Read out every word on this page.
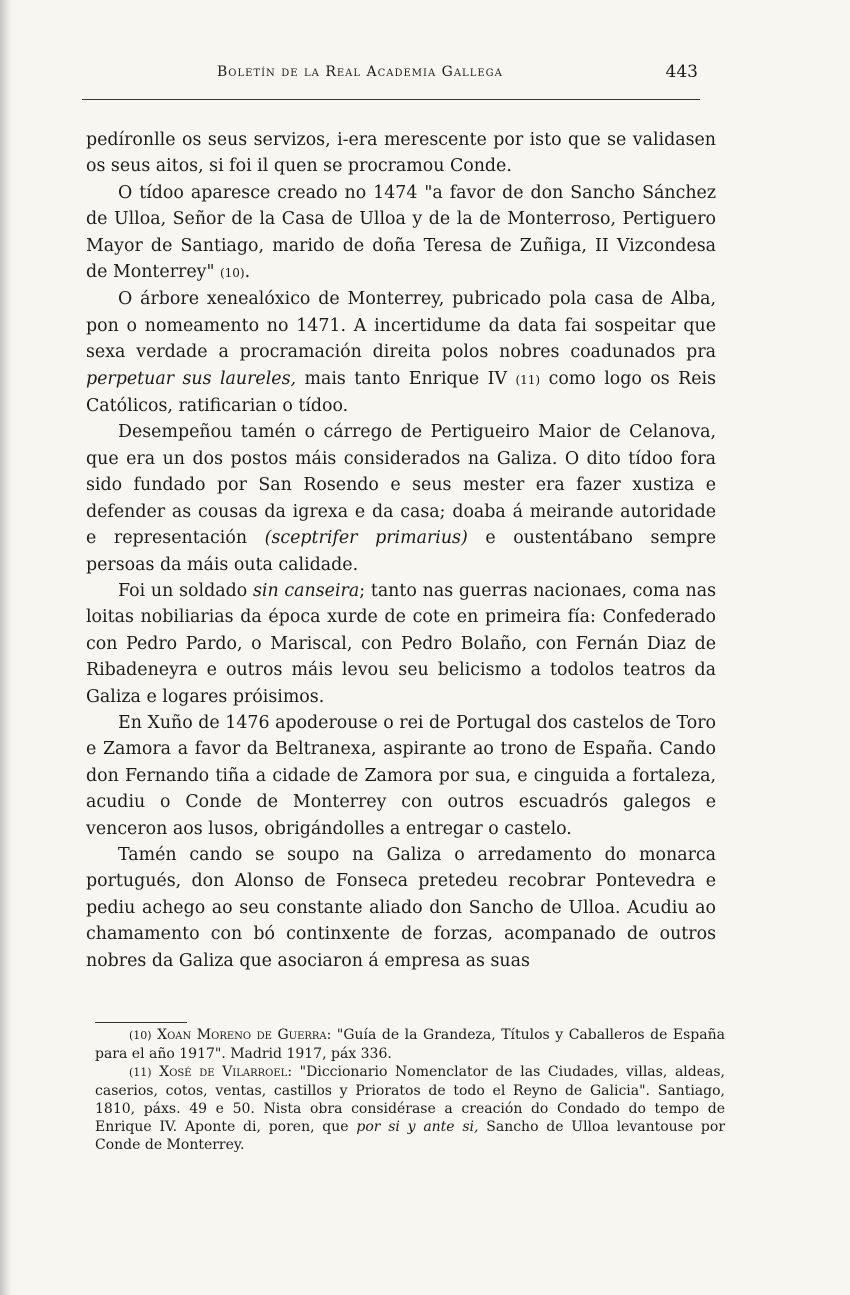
Boletín de la Real Academia Gallega	443

pedíronlle os seus servizos, i-era merescente por isto que se validasen os seus aitos, si foi il quen se procramou Conde.

O tídoo aparesce creado no 1474 "a favor de don Sancho Sánchez de Ulloa, Señor de la Casa de Ulloa y de la de Monterroso, Pertiguero Mayor de Santiago, marido de doña Teresa de Zuñiga, II Vizcondesa de Monterrey" (10).

O árbore xenealóxico de Monterrey, pubricado pola casa de Alba, pon o nomeamento no 1471. A incertidume da data fai sospeitar que sexa verdade a procramación direita polos nobres coadunados pra perpetuar sus laureles, mais tanto Enrique IV (11) como logo os Reis Católicos, ratificarian o tídoo.

Desempeñou tamén o cárrego de Pertigueiro Maior de Celanova, que era un dos postos máis considerados na Galiza. O dito tídoo fora sido fundado por San Rosendo e seus mester era fazer xustiza e defender as cousas da igrexa e da casa; doaba á meirande autoridade e representación (sceptrifer primarius) e oustentábano sempre persoas da máis outa calidade.

Foi un soldado sin canseira; tanto nas guerras nacionaes, coma nas loitas nobiliarias da época xurde de cote en primeira fía: Confederado con Pedro Pardo, o Mariscal, con Pedro Bolaño, con Fernán Diaz de Ribadeneyra e outros máis levou seu belicismo a todolos teatros da Galiza e logares próisimos.

En Xuño de 1476 apoderouse o rei de Portugal dos castelos de Toro e Zamora a favor da Beltranexa, aspirante ao trono de España. Cando don Fernando tiña a cidade de Zamora por sua, e cinguida a fortaleza, acudiu o Conde de Monterrey con outros escuadrós galegos e venceron aos lusos, obrigándolles a entregar o castelo.

Tamén cando se soupo na Galiza o arredamento do monarca portugués, don Alonso de Fonseca pretedeu recobrar Pontevedra e pediu achego ao seu constante aliado don Sancho de Ulloa. Acudiu ao chamamento con bó continxente de forzas, acompanado de outros nobres da Galiza que asociaron á empresa as suas

(10) Xoan Moreno de Guerra: "Guía de la Grandeza, Títulos y Caballeros de España para el año 1917". Madrid 1917, páx 336.

(11) Xosé de Vilarroel: "Diccionario Nomenclator de las Ciudades, villas, aldeas, caserios, cotos, ventas, castillos y Prioratos de todo el Reyno de Galicia". Santiago, 1810, páxs. 49 e 50. Nista obra considérase a creación do Condado do tempo de Enrique IV. Aponte di, poren, que por si y ante si, Sancho de Ulloa levantouse por Conde de Monterrey.
